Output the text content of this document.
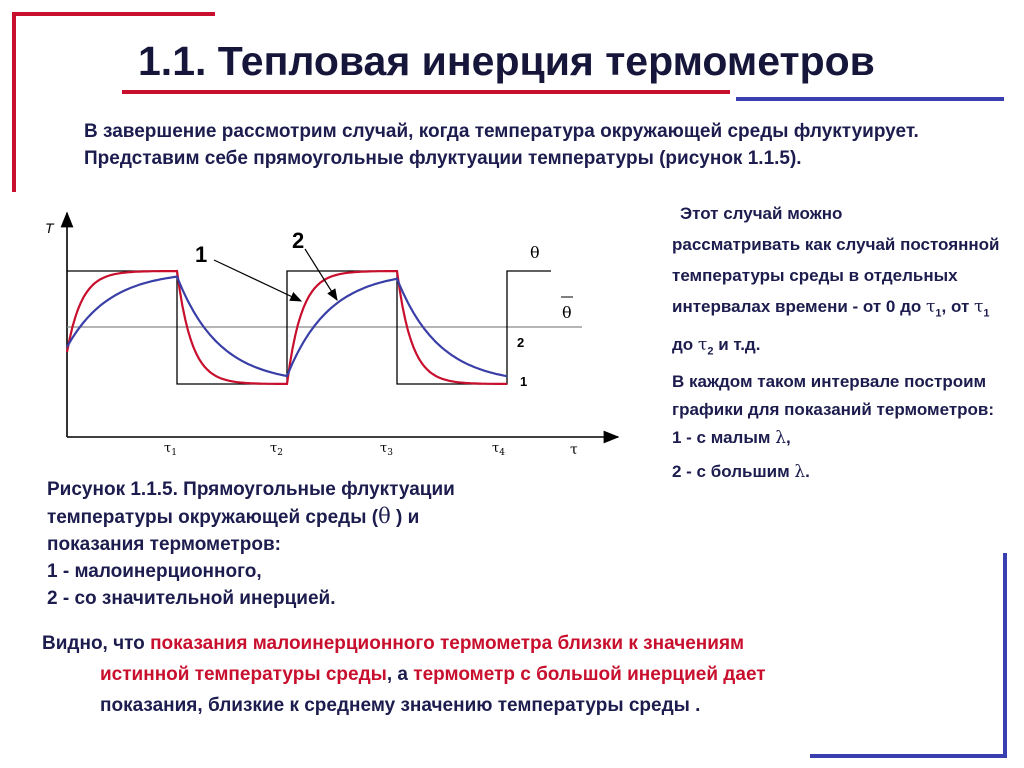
1.1. Тепловая инерция термометров

В завершение рассмотрим случай, когда температура окружающей среды флуктуирует. Представим себе прямоугольные флуктуации температуры (рисунок 1.1.5).

T
τ
$\tau_1$	$\tau_2$	$\tau_3$	$\tau_4$
θ
θ
2
1
1
2

Рисунок 1.1.5. Прямоугольные флуктуации
температуры окружающей среды (θ ) и
показания термометров:
1 - малоинерционного,
2 - со значительной инерцией.

Этот случай можно
рассматривать как случай постоянной температуры среды в отдельных интервалах времени - от 0 до $\tau_1$, от $\tau_1$ до $\tau_2$ и т.д.

В каждом таком интервале построим графики для показаний термометров:

1 - с малым λ,

2 - с большим λ.

Видно, что показания малоинерционного термометра близки к значениям
истинной температуры среды, а термометр с большой инерцией дает
показания, близкие к среднему значению температуры среды .
